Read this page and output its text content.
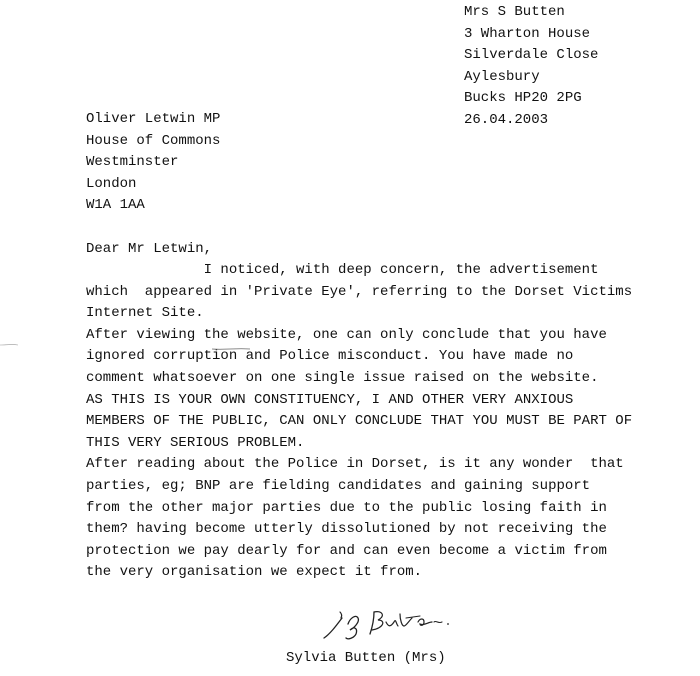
Mrs S Butten
3 Wharton House
Silverdale Close
Aylesbury
Bucks HP20 2PG
26.04.2003
Oliver Letwin MP
House of Commons
Westminster
London
W1A 1AA
Dear Mr Letwin,
I noticed, with deep concern, the advertisement
which  appeared in 'Private Eye', referring to the Dorset Victims
Internet Site.
After viewing the website, one can only conclude that you have
ignored corruption and Police misconduct. You have made no
comment whatsoever on one single issue raised on the website.
AS THIS IS YOUR OWN CONSTITUENCY, I AND OTHER VERY ANXIOUS
MEMBERS OF THE PUBLIC, CAN ONLY CONCLUDE THAT YOU MUST BE PART OF
THIS VERY SERIOUS PROBLEM.
After reading about the Police in Dorset, is it any wonder  that
parties, eg; BNP are fielding candidates and gaining support
from the other major parties due to the public losing faith in
them? having become utterly dissolutioned by not receiving the
protection we pay dearly for and can even become a victim from
the very organisation we expect it from.
Sylvia Butten (Mrs)
